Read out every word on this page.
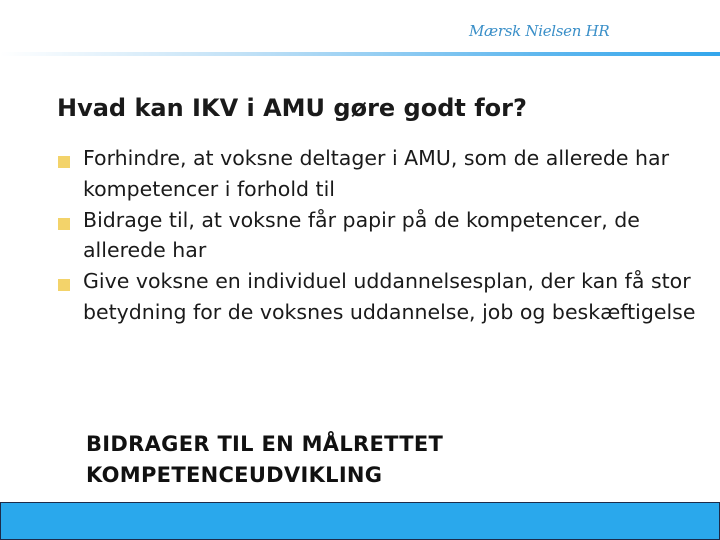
Mærsk Nielsen HR
Hvad kan IKV i AMU gøre godt for?
Forhindre, at voksne deltager i AMU, som de allerede har kompetencer i forhold til
Bidrage til, at voksne får papir på de kompetencer, de allerede har
Give voksne en individuel uddannelsesplan, der kan få stor betydning for de voksnes uddannelse, job og beskæftigelse
BIDRAGER TIL EN MÅLRETTET
KOMPETENCEUDVIKLING
